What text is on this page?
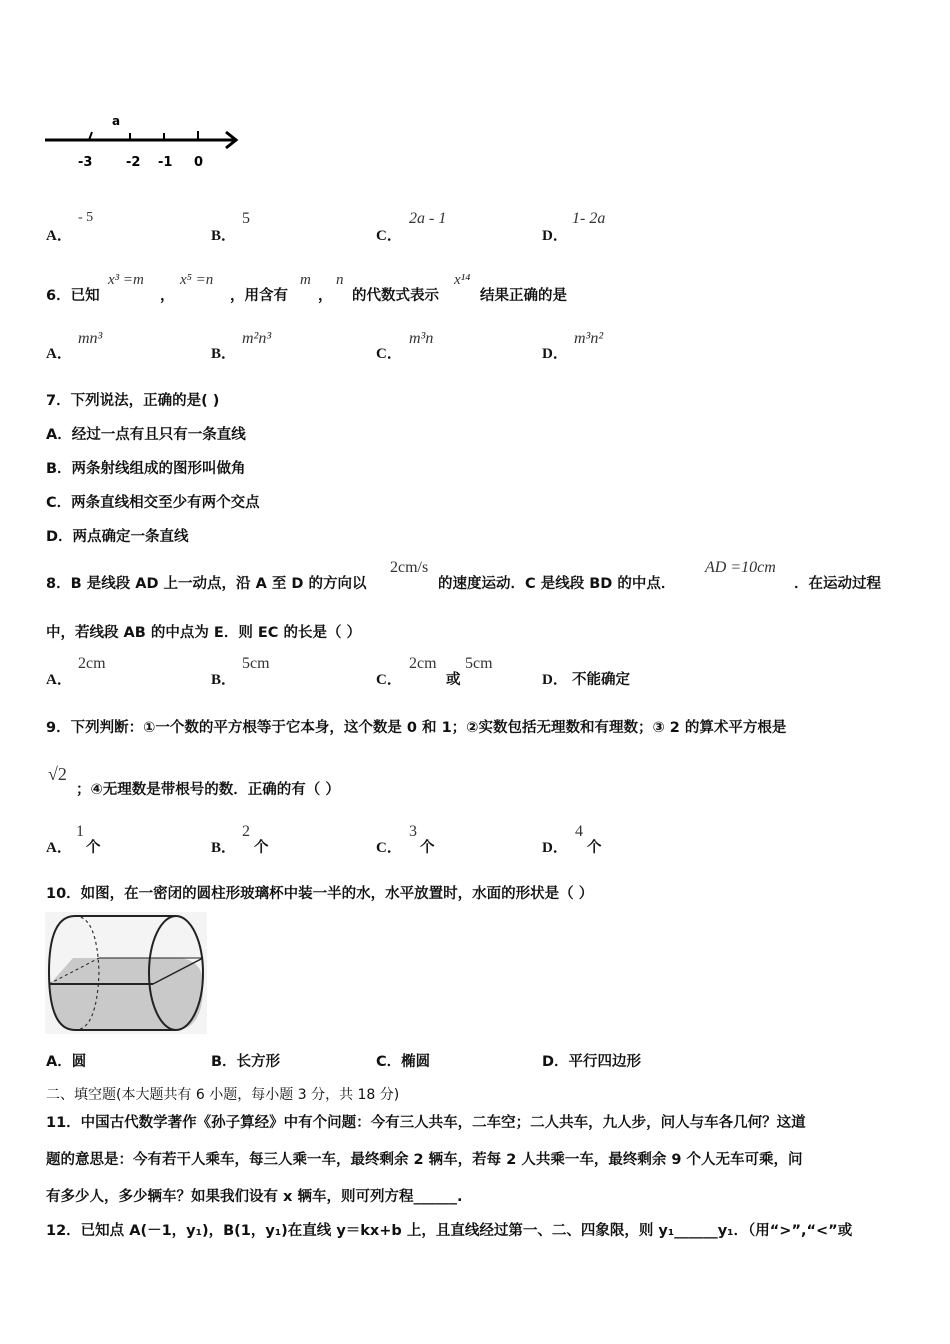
a
-3	-2 -1 0
A．
- 5
B．
5
C．
2a - 1
D．
1- 2a
6．已知
x³ =m
，
x⁵ =n
，用含有
m
，
n
的代数式表示
x¹⁴
结果正确的是
A．
mn³
B．
m²n³
C．
m³n
D．
m³n²
7．下列说法，正确的是( )
A．经过一点有且只有一条直线
B．两条射线组成的图形叫做角
C．两条直线相交至少有两个交点
D．两点确定一条直线
8．B 是线段 AD 上一动点，沿 A 至 D 的方向以
2cm/s
的速度运动．C 是线段 BD 的中点．
AD =10cm
．在运动过程
中，若线段 AB 的中点为 E．则 EC 的长是（ ）
A．
2cm
B．
5cm
C．
2cm
或
5cm
D． 不能确定
9．下列判断：①一个数的平方根等于它本身，这个数是 0 和 1；②实数包括无理数和有理数；③ 2 的算术平方根是
√2
；④无理数是带根号的数．正确的有（ ）
A．
1
个	B．
2
个	C．
3
个	D．
4
个
10．如图，在一密闭的圆柱形玻璃杯中装一半的水，水平放置时，水面的形状是（ ）
A．圆	B．长方形	C．椭圆	D．平行四边形
二、填空题(本大题共有 6 小题，每小题 3 分，共 18 分)
11．中国古代数学著作《孙子算经》中有个问题：今有三人共车，二车空；二人共车，九人步，问人与车各几何？这道
题的意思是：今有若干人乘车，每三人乘一车，最终剩余 2 辆车，若每 2 人共乘一车，最终剩余 9 个人无车可乘，问
有多少人，多少辆车？如果我们设有 x 辆车，则可列方程______.
12．已知点 A(－1，y₁)，B(1，y₁)在直线 y＝kx+b 上，且直线经过第一、二、四象限，则 y₁______y₁．（用“>”,“<”或
